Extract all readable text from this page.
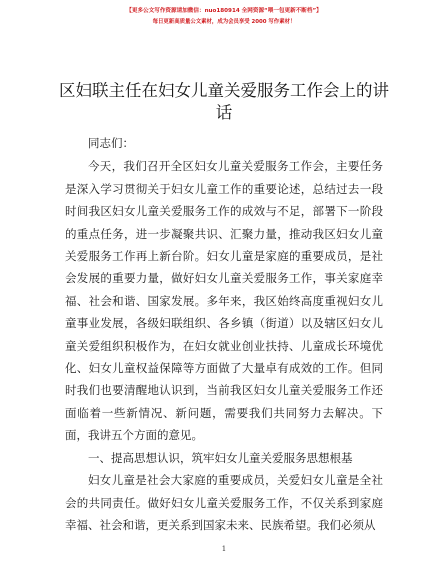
【更多公文写作资源请加微信：nuo180914 全网资源“喂一包更新不断档”】
每日更新高质量公文素材，成为会员享受 2000 写作素材！
区妇联主任在妇女儿童关爱服务工作会上的讲
话

同志们：

今天，我们召开全区妇女儿童关爱服务工作会，主要任务是深入学习贯彻关于妇女儿童工作的重要论述，总结过去一段时间我区妇女儿童关爱服务工作的成效与不足，部署下一阶段的重点任务，进一步凝聚共识、汇聚力量，推动我区妇女儿童关爱服务工作再上新台阶。妇女儿童是家庭的重要成员，是社会发展的重要力量，做好妇女儿童关爱服务工作，事关家庭幸福、社会和谐、国家发展。多年来，我区始终高度重视妇女儿童事业发展，各级妇联组织、各乡镇（街道）以及辖区妇女儿童关爱组织积极作为，在妇女就业创业扶持、儿童成长环境优化、妇女儿童权益保障等方面做了大量卓有成效的工作。但同时我们也要清醒地认识到，当前我区妇女儿童关爱服务工作还面临着一些新情况、新问题，需要我们共同努力去解决。下面，我讲五个方面的意见。

一、提高思想认识，筑牢妇女儿童关爱服务思想根基

妇女儿童是社会大家庭的重要成员，关爱妇女儿童是全社会的共同责任。做好妇女儿童关爱服务工作，不仅关系到家庭幸福、社会和谐，更关系到国家未来、民族希望。我们必须从

1
